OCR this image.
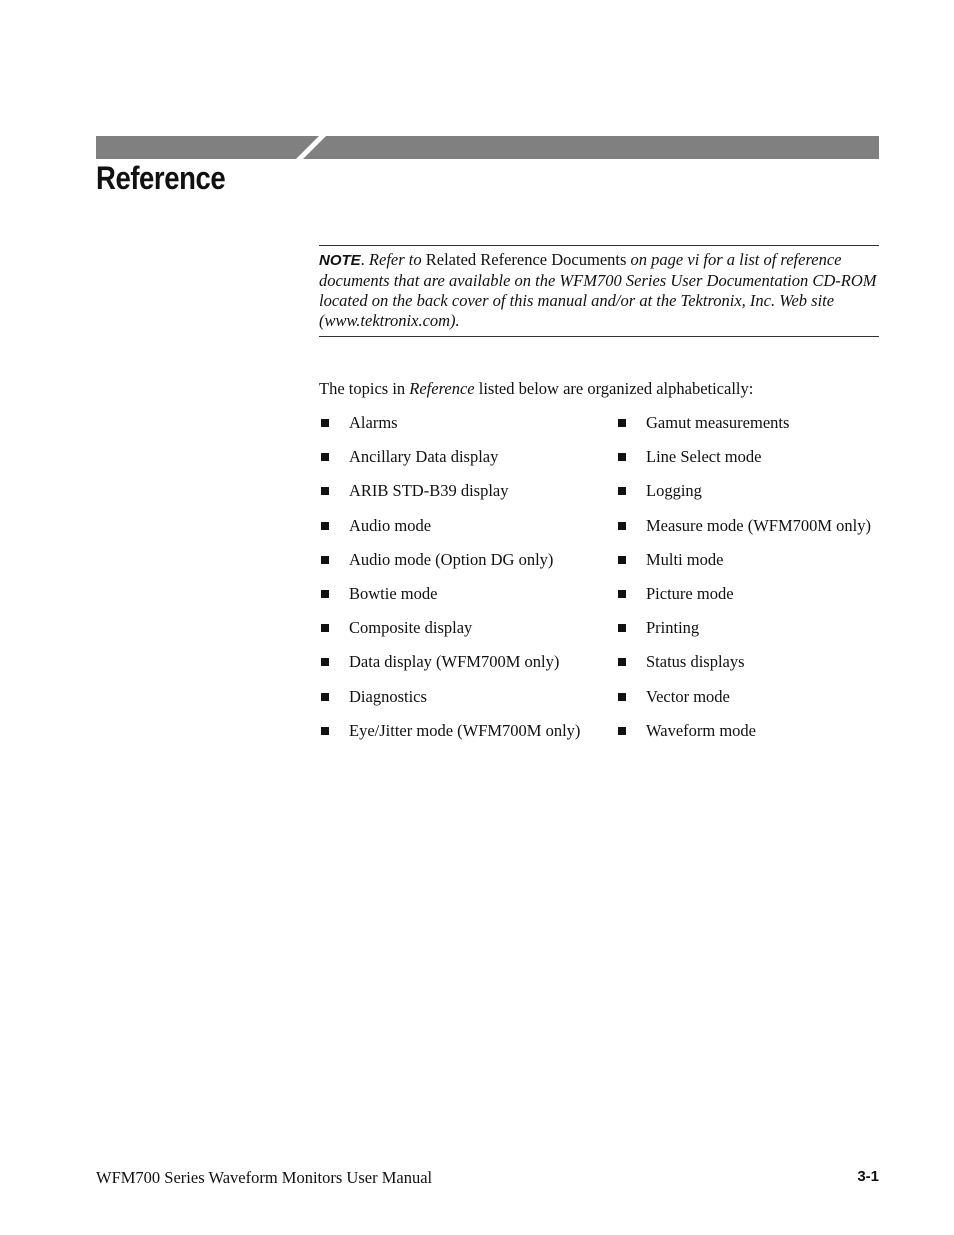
Reference
NOTE. Refer to Related Reference Documents on page vi for a list of reference documents that are available on the WFM700 Series User Documentation CD-ROM located on the back cover of this manual and/or at the Tektronix, Inc. Web site (www.tektronix.com).
The topics in Reference listed below are organized alphabetically:
Alarms
Ancillary Data display
ARIB STD-B39 display
Audio mode
Audio mode (Option DG only)
Bowtie mode
Composite display
Data display (WFM700M only)
Diagnostics
Eye/Jitter mode (WFM700M only)
Gamut measurements
Line Select mode
Logging
Measure mode (WFM700M only)
Multi mode
Picture mode
Printing
Status displays
Vector mode
Waveform mode
WFM700 Series Waveform Monitors User Manual	3-1
